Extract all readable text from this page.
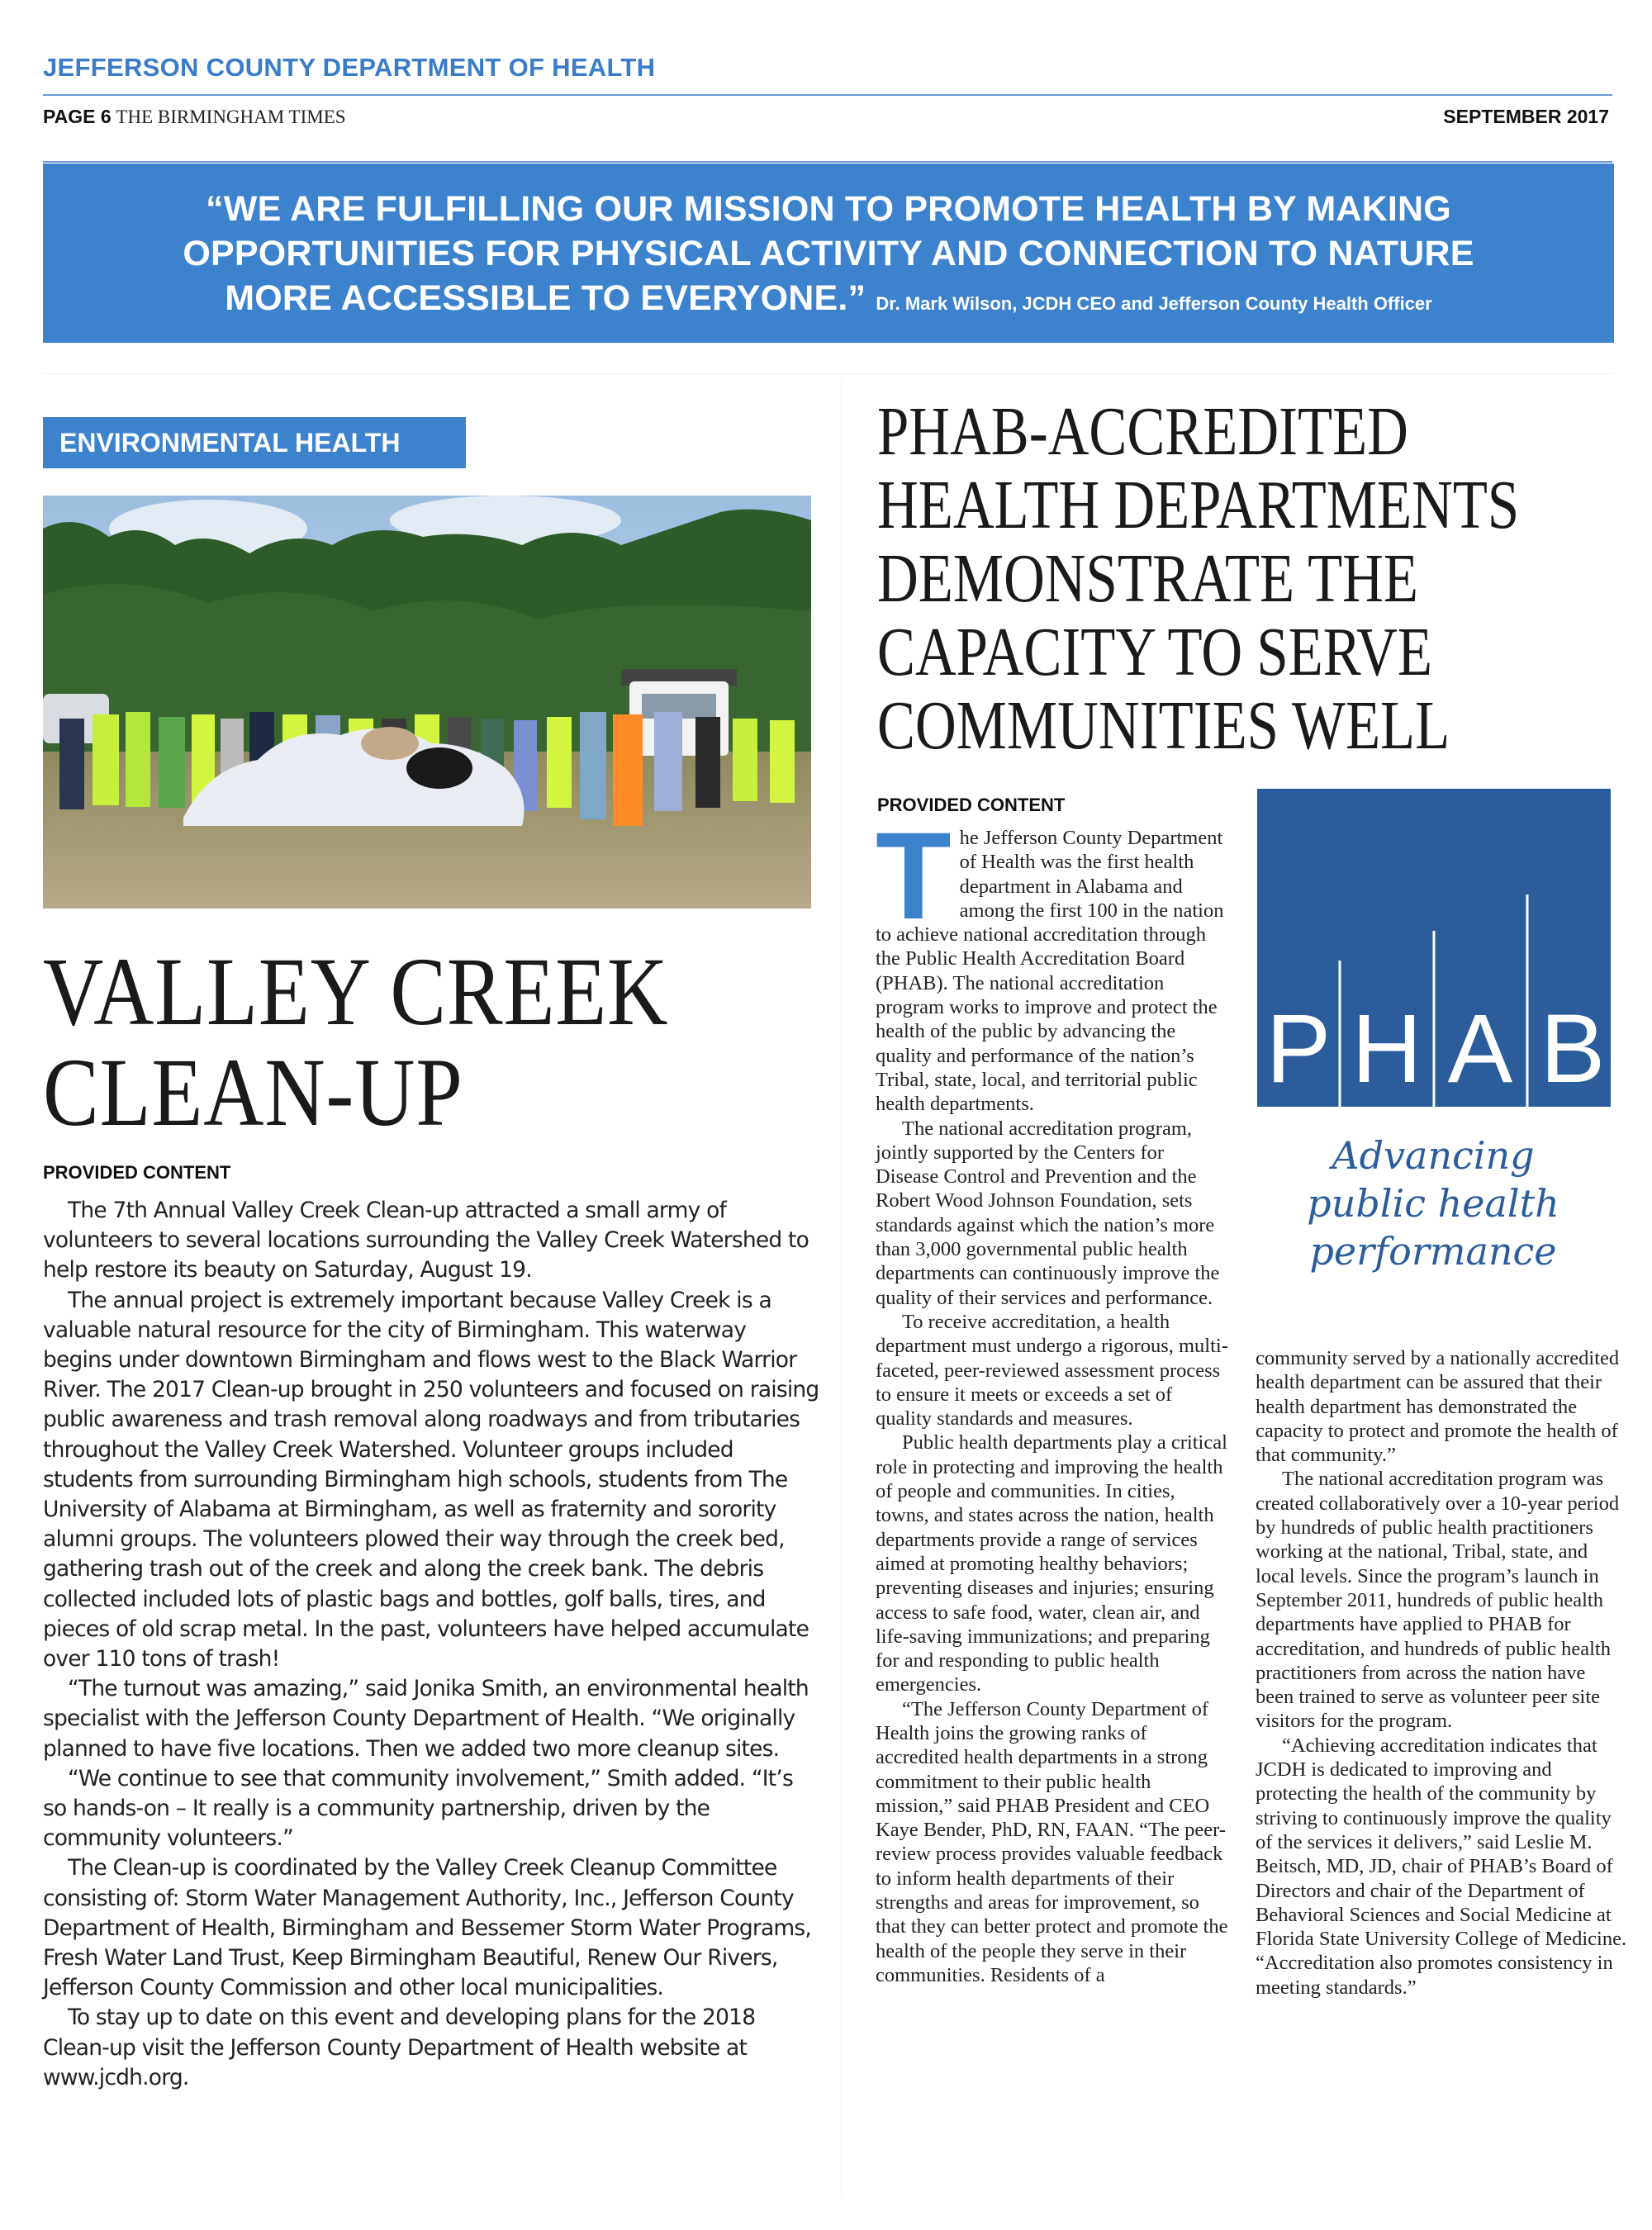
JEFFERSON COUNTY DEPARTMENT OF HEALTH
PAGE 6 THE BIRMINGHAM TIMES	SEPTEMBER 2017
“WE ARE FULFILLING OUR MISSION TO PROMOTE HEALTH BY MAKING
OPPORTUNITIES FOR PHYSICAL ACTIVITY AND CONNECTION TO NATURE
MORE ACCESSIBLE TO EVERYONE.” Dr. Mark Wilson, JCDH CEO and Jefferson County Health Officer
ENVIRONMENTAL HEALTH
VALLEY CREEK
CLEAN-UP
PROVIDED CONTENT

The 7th Annual Valley Creek Clean-up attracted a small army of volunteers to several locations surrounding the Valley Creek Watershed to help restore its beauty on Saturday, August 19.

The annual project is extremely important because Valley Creek is a valuable natural resource for the city of Birmingham. This waterway begins under downtown Birmingham and flows west to the Black Warrior River. The 2017 Clean-up brought in 250 volunteers and focused on raising public awareness and trash removal along roadways and from tributaries throughout the Valley Creek Watershed. Volunteer groups included students from surrounding Birmingham high schools, students from The University of Alabama at Birmingham, as well as fraternity and sorority alumni groups. The volunteers plowed their way through the creek bed, gathering trash out of the creek and along the creek bank. The debris collected included lots of plastic bags and bottles, golf balls, tires, and pieces of old scrap metal. In the past, volunteers have helped accumulate over 110 tons of trash!

“The turnout was amazing,” said Jonika Smith, an environmental health specialist with the Jefferson County Department of Health. “We originally planned to have five locations. Then we added two more cleanup sites.

“We continue to see that community involvement,” Smith added. “It’s so hands-on – It really is a community partnership, driven by the community volunteers.”

The Clean-up is coordinated by the Valley Creek Cleanup Committee consisting of: Storm Water Management Authority, Inc., Jefferson County Department of Health, Birmingham and Bessemer Storm Water Programs, Fresh Water Land Trust, Keep Birmingham Beautiful, Renew Our Rivers, Jefferson County Commission and other local municipalities.

To stay up to date on this event and developing plans for the 2018 Clean-up visit the Jefferson County Department of Health website at www.jcdh.org.

PHAB-ACCREDITED
HEALTH DEPARTMENTS
DEMONSTRATE THE
CAPACITY TO SERVE
COMMUNITIES WELL
PROVIDED CONTENT

The Jefferson County Department of Health was the first health department in Alabama and among the first 100 in the nation to achieve national accreditation through the Public Health Accreditation Board (PHAB). The national accreditation program works to improve and protect the health of the public by advancing the quality and performance of the nation’s Tribal, state, local, and territorial public health departments.

The national accreditation program, jointly supported by the Centers for Disease Control and Prevention and the Robert Wood Johnson Foundation, sets standards against which the nation’s more than 3,000 governmental public health departments can continuously improve the quality of their services and performance.

To receive accreditation, a health department must undergo a rigorous, multi-faceted, peer-reviewed assessment process to ensure it meets or exceeds a set of quality standards and measures.

Public health departments play a critical role in protecting and improving the health of people and communities. In cities, towns, and states across the nation, health departments provide a range of services aimed at promoting healthy behaviors; preventing diseases and injuries; ensuring access to safe food, water, clean air, and life-saving immunizations; and preparing for and responding to public health emergencies.

“The Jefferson County Department of Health joins the growing ranks of accredited health departments in a strong commitment to their public health mission,” said PHAB President and CEO Kaye Bender, PhD, RN, FAAN. “The peer-review process provides valuable feedback to inform health departments of their strengths and areas for improvement, so that they can better protect and promote the health of the people they serve in their communities. Residents of a

P H A B
Advancing
public health
performance

community served by a nationally accredited health department can be assured that their health department has demonstrated the capacity to protect and promote the health of that community.”

The national accreditation program was created collaboratively over a 10-year period by hundreds of public health practitioners working at the national, Tribal, state, and local levels. Since the program’s launch in September 2011, hundreds of public health departments have applied to PHAB for accreditation, and hundreds of public health practitioners from across the nation have been trained to serve as volunteer peer site visitors for the program.

“Achieving accreditation indicates that JCDH is dedicated to improving and protecting the health of the community by striving to continuously improve the quality of the services it delivers,” said Leslie M. Beitsch, MD, JD, chair of PHAB’s Board of Directors and chair of the Department of Behavioral Sciences and Social Medicine at Florida State University College of Medicine. “Accreditation also promotes consistency in meeting standards.”
